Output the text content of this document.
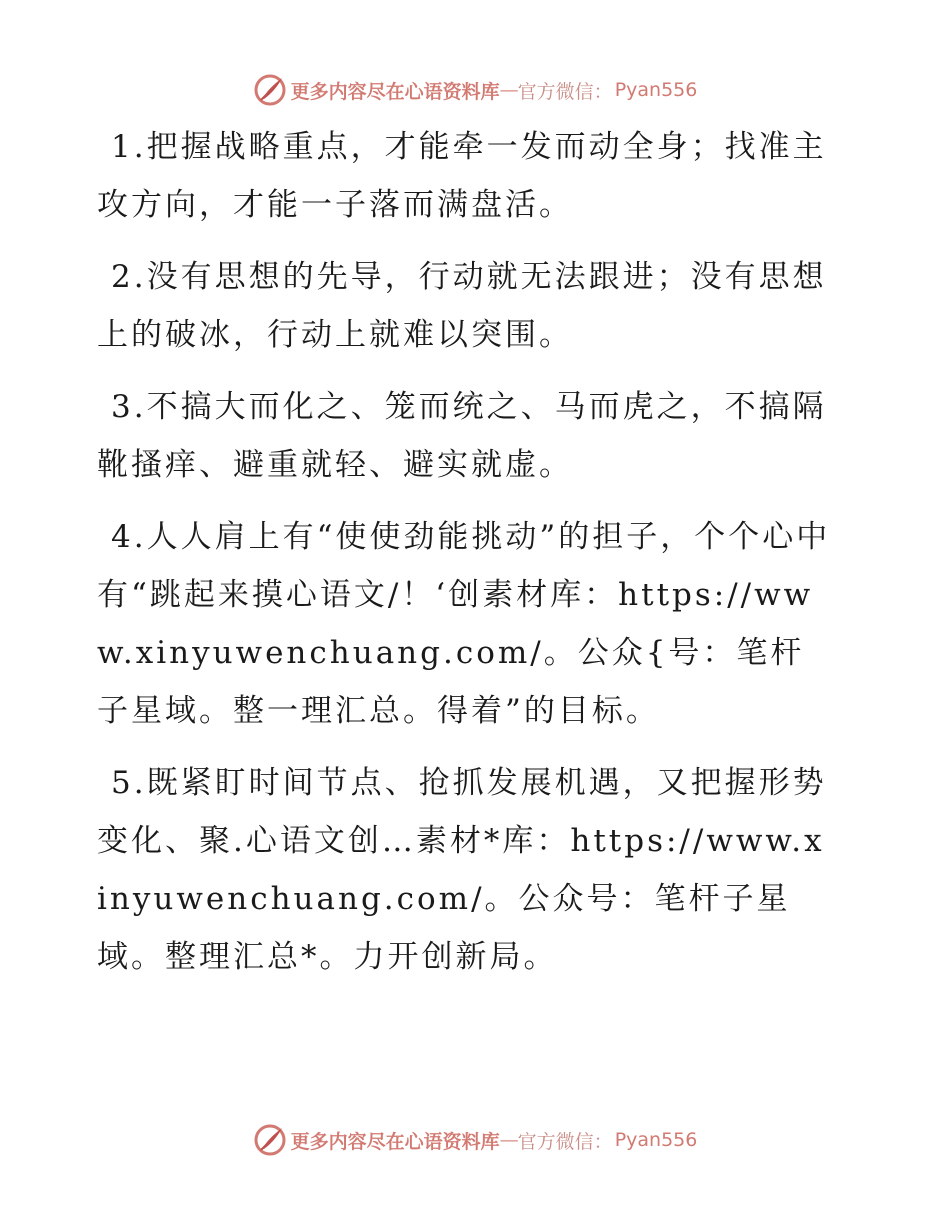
更多内容尽在心语资料库 — 官方微信： Pyan556

1.把握战略重点，才能牵一发而动全身；找准主攻方向，才能一子落而满盘活。

2.没有思想的先导，行动就无法跟进；没有思想上的破冰，行动上就难以突围。

3.不搞大而化之、笼而统之、马而虎之，不搞隔靴搔痒、避重就轻、避实就虚。

4.人人肩上有“使使劲能挑动”的担子，个个心中有“跳起来摸心语文/！‘创素材库：https://www.xinyuwenchuang.com/。公众{号：笔杆子星域。整一理汇总。得着”的目标。

5.既紧盯时间节点、抢抓发展机遇，又把握形势变化、聚.心语文创…素材*库：https://www.xinyuwenchuang.com/。公众号：笔杆子星域。整理汇总*。力开创新局。

更多内容尽在心语资料库 — 官方微信： Pyan556
